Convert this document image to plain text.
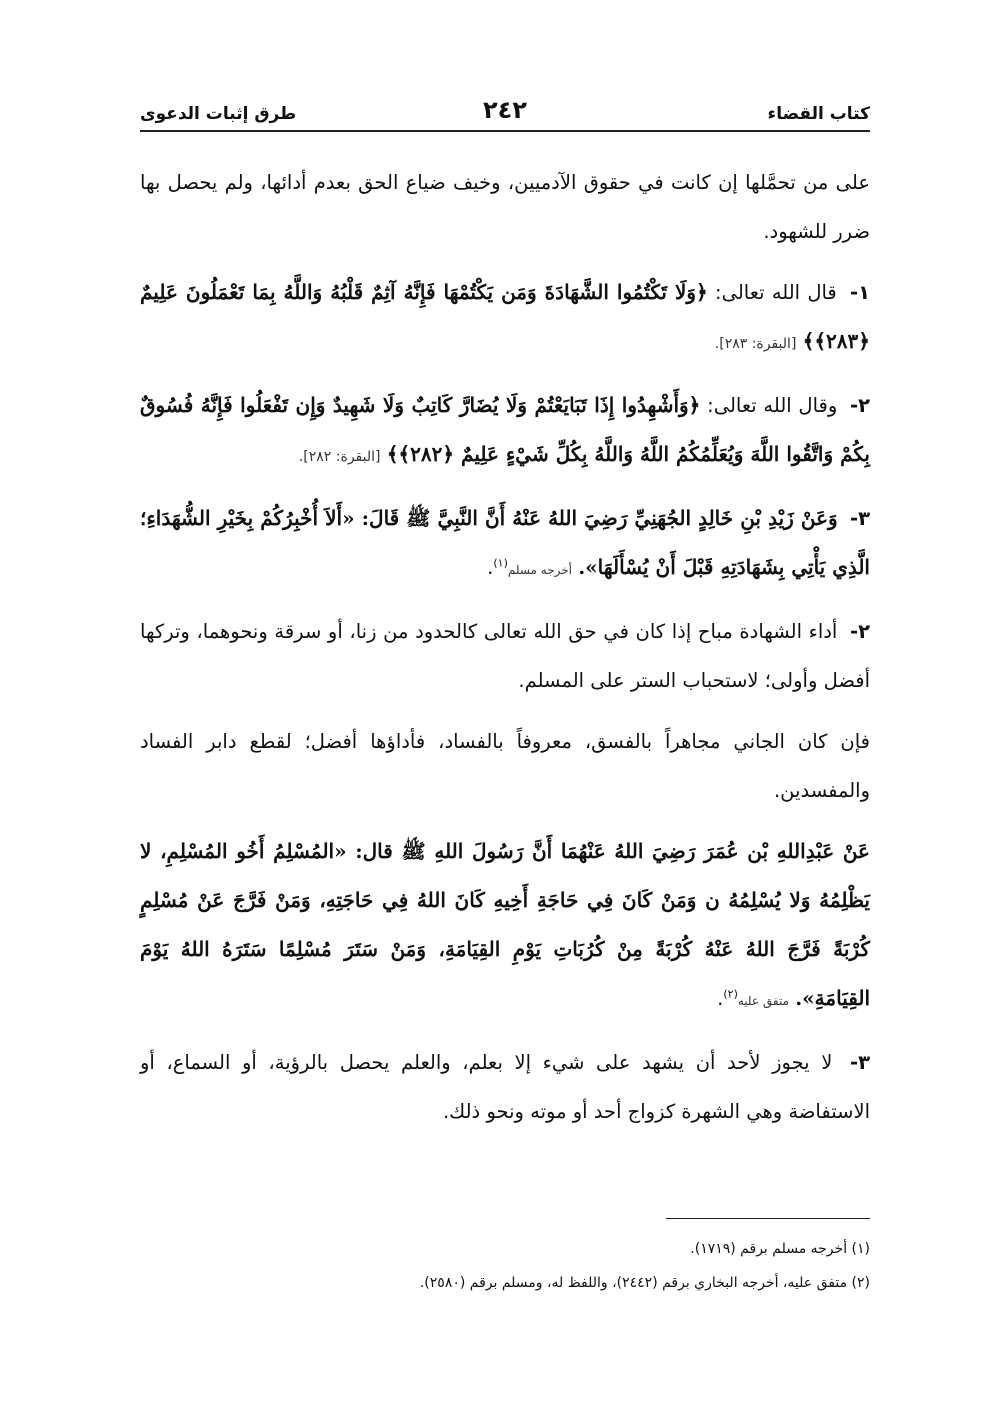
كتاب القضاء
٢٤٢
طرق إثبات الدعوى

على من تحمَّلها إن كانت في حقوق الآدميين، وخيف ضياع الحق بعدم أدائها، ولم يحصل بها ضرر للشهود.

١- قال الله تعالى: ﴿وَلَا تَكْتُمُوا الشَّهَادَةَ وَمَن يَكْتُمْهَا فَإِنَّهُ آثِمٌ قَلْبُهُ وَاللَّهُ بِمَا تَعْمَلُونَ عَلِيمٌ ﴿٢٨٣﴾﴾ [البقرة: ٢٨٣].

٢- وقال الله تعالى: ﴿وَأَشْهِدُوا إِذَا تَبَايَعْتُمْ وَلَا يُضَارَّ كَاتِبٌ وَلَا شَهِيدٌ وَإِن تَفْعَلُوا فَإِنَّهُ فُسُوقٌ بِكُمْ وَاتَّقُوا اللَّهَ وَيُعَلِّمُكُمُ اللَّهُ وَاللَّهُ بِكُلِّ شَيْءٍ عَلِيمٌ ﴿٢٨٢﴾﴾ [البقرة: ٢٨٢].

٣- وَعَنْ زَيْدِ بْنِ خَالِدٍ الجُهَنِيِّ رَضِيَ اللهُ عَنْهُ أَنَّ النَّبِيَّ ﷺ قَالَ: «أَلاَ أُخْبِرُكُمْ بِخَيْرِ الشُّهَدَاءِ؛ الَّذِي يَأْتِي بِشَهَادَتِهِ قَبْلَ أَنْ يُسْأَلَهَا». أخرجه مسلم$^{(١)}$.

٢- أداء الشهادة مباح إذا كان في حق الله تعالى كالحدود من زنا، أو سرقة ونحوهما، وتركها أفضل وأولى؛ لاستحباب الستر على المسلم.

فإن كان الجاني مجاهراً بالفسق، معروفاً بالفساد، فأداؤها أفضل؛ لقطع دابر الفساد والمفسدين.

عَنْ عَبْدِاللهِ بْن عُمَرَ رَضِيَ اللهُ عَنْهُمَا أَنَّ رَسُولَ اللهِ ﷺ قال: «المُسْلِمُ أَخُو المُسْلِمِ، لا يَظْلِمُهُ وَلا يُسْلِمُهُ ن وَمَنْ كَانَ فِي حَاجَةِ أَخِيهِ كَانَ اللهُ فِي حَاجَتِهِ، وَمَنْ فَرَّجَ عَنْ مُسْلِمٍ كُرْبَةً فَرَّجَ اللهُ عَنْهُ كُرْبَةً مِنْ كُرُبَاتِ يَوْمِ القِيَامَةِ، وَمَنْ سَتَرَ مُسْلِمًا سَتَرَهُ اللهُ يَوْمَ القِيَامَةِ». متفق عليه$^{(٢)}$.

٣- لا يجوز لأحد أن يشهد على شيء إلا بعلم، والعلم يحصل بالرؤية، أو السماع، أو الاستفاضة وهي الشهرة كزواج أحد أو موته ونحو ذلك.

(١) أخرجه مسلم برقم (١٧١٩).
(٢) متفق عليه، أخرجه البخاري برقم (٢٤٤٢)، واللفظ له، ومسلم برقم (٢٥٨٠).
